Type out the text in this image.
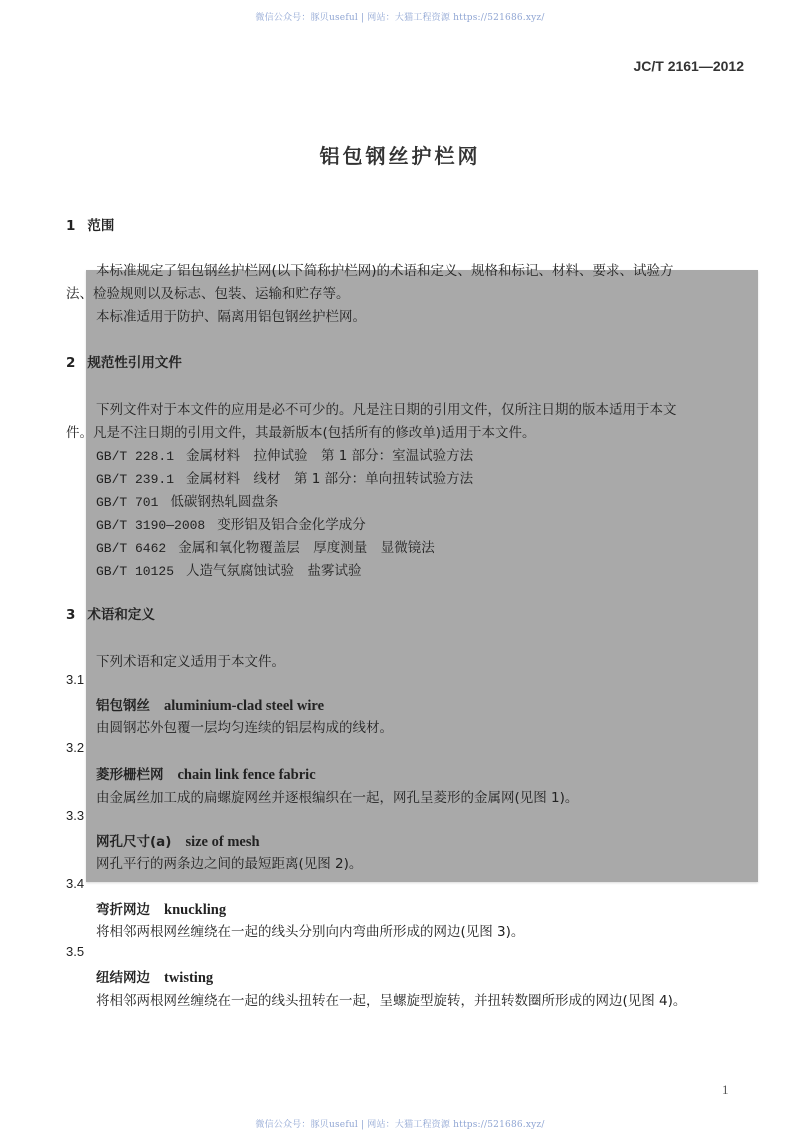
微信公众号：豚贝useful | 网站：大猫工程资源 https://521686.xyz/
JC/T 2161—2012
铝包钢丝护栏网
1 范围
本标准规定了铝包钢丝护栏网(以下简称护栏网)的术语和定义、规格和标记、材料、要求、试验方
法、检验规则以及标志、包装、运输和贮存等。
本标准适用于防护、隔离用铝包钢丝护栏网。
2 规范性引用文件
下列文件对于本文件的应用是必不可少的。凡是注日期的引用文件，仅所注日期的版本适用于本文
件。凡是不注日期的引用文件，其最新版本(包括所有的修改单)适用于本文件。
GB/T 228.1 金属材料　拉伸试验　第 1 部分：室温试验方法
GB/T 239.1 金属材料　线材　第 1 部分：单向扭转试验方法
GB/T 701 低碳钢热轧圆盘条
GB/T 3190—2008 变形铝及铝合金化学成分
GB/T 6462 金属和氧化物覆盖层　厚度测量　显微镜法
GB/T 10125 人造气氛腐蚀试验　盐雾试验
3 术语和定义
下列术语和定义适用于本文件。
3.1
铝包钢丝 aluminium-clad steel wire
由圆钢芯外包覆一层均匀连续的铝层构成的线材。
3.2
菱形栅栏网 chain link fence fabric
由金属丝加工成的扁螺旋网丝并逐根编织在一起，网孔呈菱形的金属网(见图 1)。
3.3
网孔尺寸(a) size of mesh
网孔平行的两条边之间的最短距离(见图 2)。
3.4
弯折网边 knuckling
将相邻两根网丝缠绕在一起的线头分别向内弯曲所形成的网边(见图 3)。
3.5
纽结网边 twisting
将相邻两根网丝缠绕在一起的线头扭转在一起，呈螺旋型旋转，并扭转数圈所形成的网边(见图 4)。
1
微信公众号：豚贝useful | 网站：大猫工程资源 https://521686.xyz/
